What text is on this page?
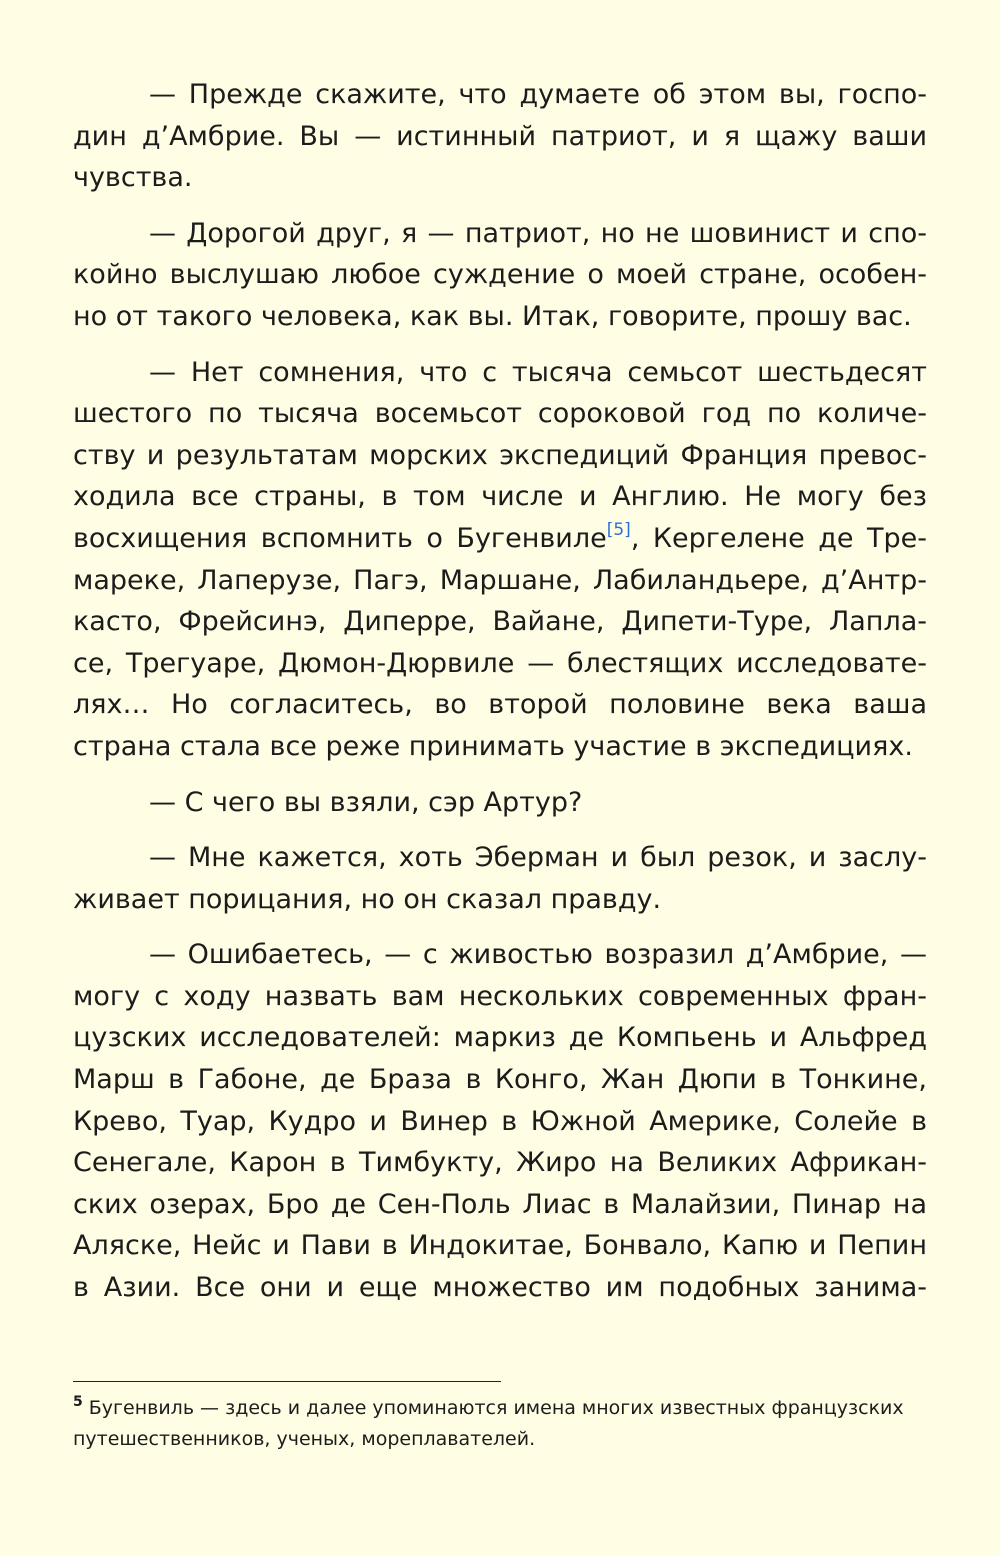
— Прежде скажите, что думаете об этом вы, госпо-
дин д’Амбрие. Вы — истинный патриот, и я щажу ваши
чувства.
— Дорогой друг, я — патриот, но не шовинист и спо-
койно выслушаю любое суждение о моей стране, особен-
но от такого человека, как вы. Итак, говорите, прошу вас.
— Нет сомнения, что с тысяча семьсот шестьдесят
шестого по тысяча восемьсот сороковой год по количе-
ству и результатам морских экспедиций Франция превос-
ходила все страны, в том числе и Англию. Не могу без
восхищения вспомнить о Бугенвиле[5], Кергелене де Тре-
мареке, Лаперузе, Пагэ, Маршане, Лабиландьере, д’Антр-
касто, Фрейсинэ, Диперре, Вайане, Дипети-Туре, Лапла-
се, Трегуаре, Дюмон-Дюрвиле — блестящих исследовате-
лях… Но согласитесь, во второй половине века ваша
страна стала все реже принимать участие в экспедициях.
— С чего вы взяли, сэр Артур?
— Мне кажется, хоть Эберман и был резок, и заслу-
живает порицания, но он сказал правду.
— Ошибаетесь, — с живостью возразил д’Амбрие, —
могу с ходу назвать вам нескольких современных фран-
цузских исследователей: маркиз де Компьень и Альфред
Марш в Габоне, де Браза в Конго, Жан Дюпи в Тонкине,
Крево, Туар, Кудро и Винер в Южной Америке, Солейе в
Сенегале, Карон в Тимбукту, Жиро на Великих Африкан-
ских озерах, Бро де Сен-Поль Лиас в Малайзии, Пинар на
Аляске, Нейс и Пави в Индокитае, Бонвало, Капю и Пепин
в Азии. Все они и еще множество им подобных занима-
$^5$ Бугенвиль — здесь и далее упоминаются имена многих известных французских
путешественников, ученых, мореплавателей.
